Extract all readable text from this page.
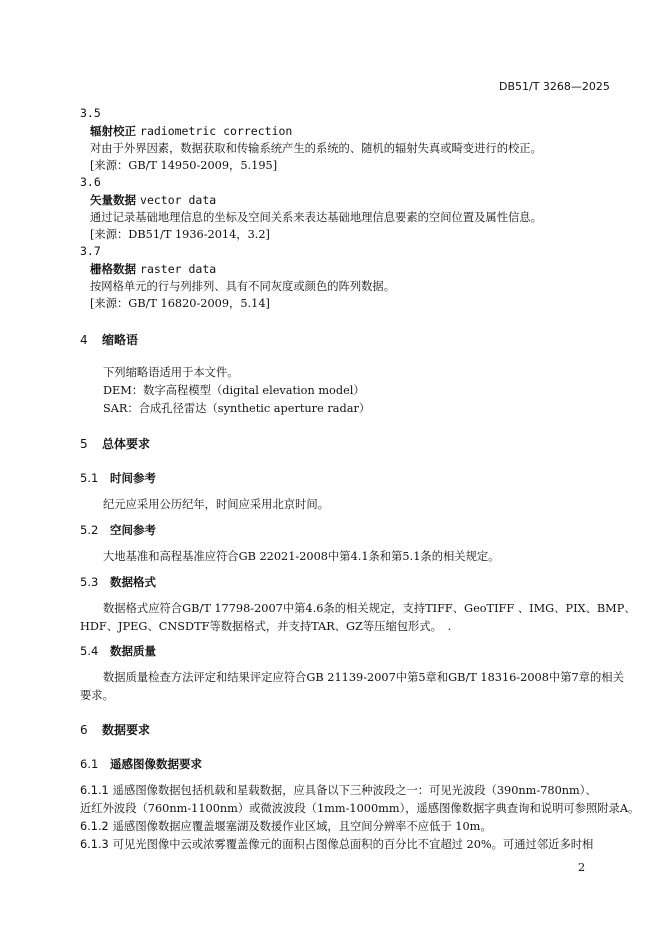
DB51/T 3268—2025
3.5
辐射校正 radiometric correction
对由于外界因素，数据获取和传输系统产生的系统的、随机的辐射失真或畸变进行的校正。
[来源：GB/T 14950-2009，5.195]
3.6
矢量数据 vector data
通过记录基础地理信息的坐标及空间关系来表达基础地理信息要素的空间位置及属性信息。
[来源：DB51/T 1936-2014，3.2]
3.7
栅格数据 raster data
按网格单元的行与列排列、具有不同灰度或颜色的阵列数据。
[来源：GB/T 16820-2009，5.14]
4 缩略语
下列缩略语适用于本文件。
DEM：数字高程模型（digital elevation model）
SAR：合成孔径雷达（synthetic aperture radar）
5 总体要求
5.1 时间参考
纪元应采用公历纪年，时间应采用北京时间。
5.2 空间参考
大地基准和高程基准应符合GB 22021-2008中第4.1条和第5.1条的相关规定。
5.3 数据格式
数据格式应符合GB/T 17798-2007中第4.6条的相关规定，支持TIFF、GeoTIFF 、IMG、PIX、BMP、
HDF、JPEG、CNSDTF等数据格式，并支持TAR、GZ等压缩包形式。　.
5.4 数据质量
数据质量检查方法评定和结果评定应符合GB 21139-2007中第5章和GB/T 18316-2008中第7章的相关
要求。
6 数据要求
6.1 遥感图像数据要求
6.1.1 遥感图像数据包括机载和星载数据，应具备以下三种波段之一：可见光波段（390nm-780nm）、
近红外波段（760nm-1100nm）或微波波段（1mm-1000mm），遥感图像数据字典查询和说明可参照附录A。
6.1.2 遥感图像数据应覆盖堰塞湖及数援作业区域，且空间分辨率不应低于 10m。
6.1.3 可见光图像中云或浓雾覆盖像元的面积占图像总面积的百分比不宜超过 20%。可通过邻近多时相
2
